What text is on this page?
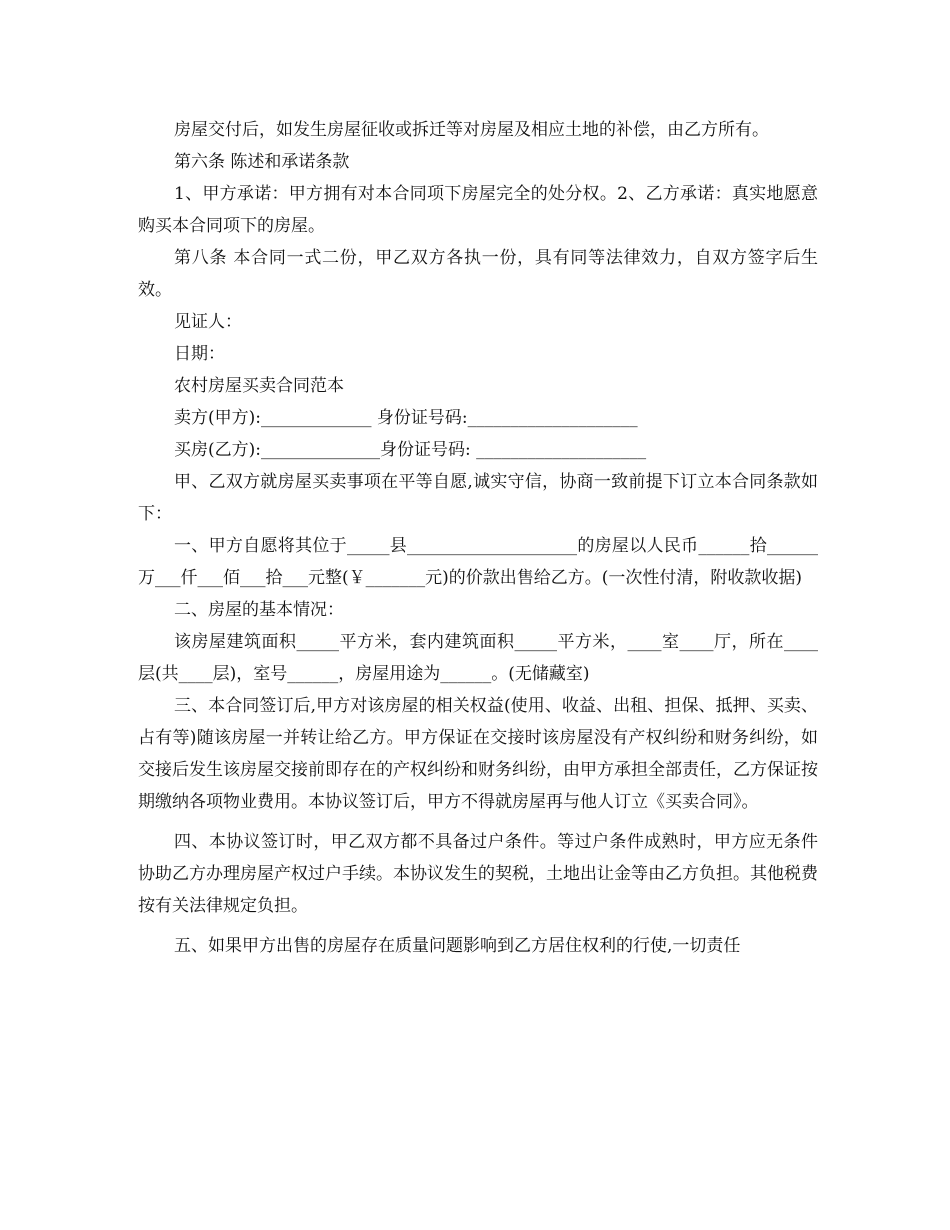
房屋交付后，如发生房屋征收或拆迁等对房屋及相应土地的补偿，由乙方所有。

第六条 陈述和承诺条款

1、甲方承诺：甲方拥有对本合同项下房屋完全的处分权。2、乙方承诺：真实地愿意购买本合同项下的房屋。

第八条 本合同一式二份，甲乙双方各执一份，具有同等法律效力，自双方签字后生效。

见证人：

日期：

农村房屋买卖合同范本

卖方(甲方):_____________ 身份证号码:____________________

买房(乙方):______________身份证号码: ____________________

甲、乙双方就房屋买卖事项在平等自愿,诚实守信，协商一致前提下订立本合同条款如下：

一、甲方自愿将其位于_____县____________________的房屋以人民币______拾______万___仟___佰___拾___元整(￥_______元)的价款出售给乙方。(一次性付清，附收款收据)

二、房屋的基本情况：

该房屋建筑面积_____平方米，套内建筑面积_____平方米，____室____厅，所在____层(共____层)，室号______，房屋用途为______。(无储藏室)

三、本合同签订后,甲方对该房屋的相关权益(使用、收益、出租、担保、抵押、买卖、占有等)随该房屋一并转让给乙方。甲方保证在交接时该房屋没有产权纠纷和财务纠纷，如交接后发生该房屋交接前即存在的产权纠纷和财务纠纷，由甲方承担全部责任，乙方保证按期缴纳各项物业费用。本协议签订后，甲方不得就房屋再与他人订立《买卖合同》。

四、本协议签订时，甲乙双方都不具备过户条件。等过户条件成熟时，甲方应无条件协助乙方办理房屋产权过户手续。本协议发生的契税，土地出让金等由乙方负担。其他税费按有关法律规定负担。

五、如果甲方出售的房屋存在质量问题影响到乙方居住权利的行使,一切责任
